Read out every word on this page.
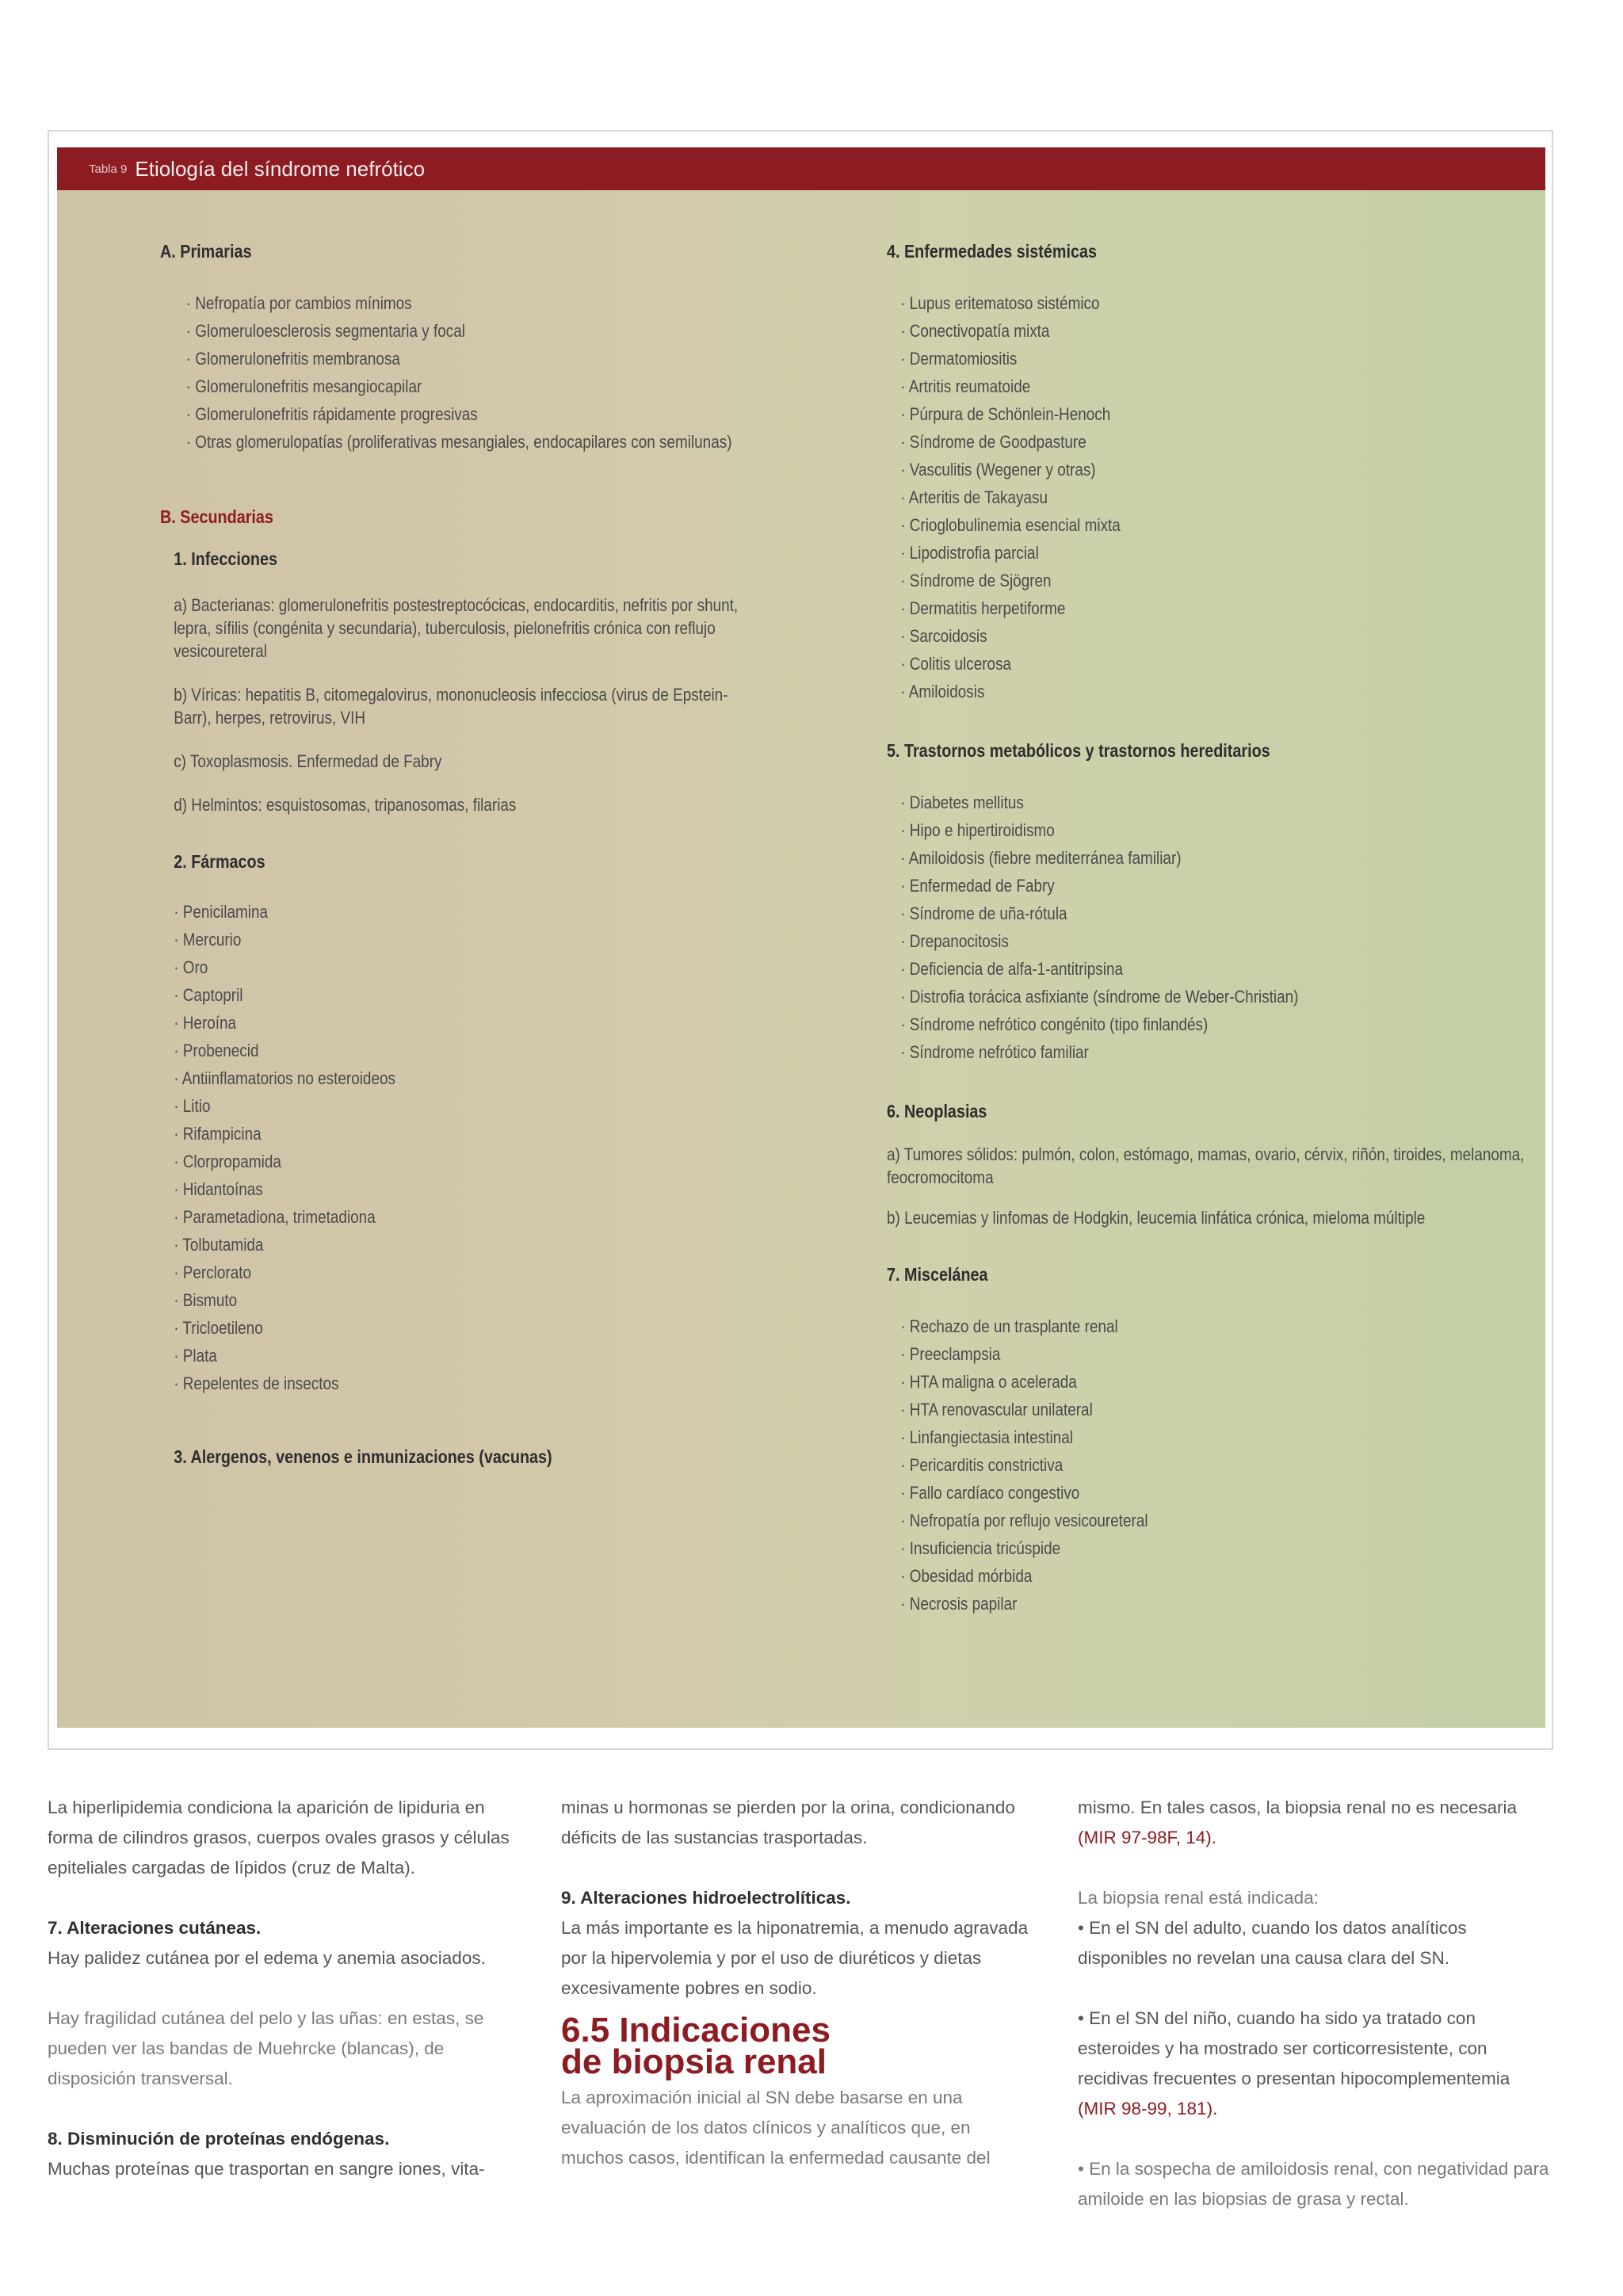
Tabla 9 Etiología del síndrome nefrótico
A. Primarias
· Nefropatía por cambios mínimos
· Glomeruloesclerosis segmentaria y focal
· Glomerulonefritis membranosa
· Glomerulonefritis mesangiocapilar
· Glomerulonefritis rápidamente progresivas
· Otras glomerulopatías (proliferativas mesangiales, endocapilares con semilunas)
B. Secundarias
1. Infecciones
a) Bacterianas: glomerulonefritis postestreptocócicas, endocarditis, nefritis por shunt, lepra, sífilis (congénita y secundaria), tuberculosis, pielonefritis crónica con reflujo vesicoureteral
b) Víricas: hepatitis B, citomegalovirus, mononucleosis infecciosa (virus de Epstein-Barr), herpes, retrovirus, VIH
c) Toxoplasmosis. Enfermedad de Fabry
d) Helmintos: esquistosomas, tripanosomas, filarias
2. Fármacos
· Penicilamina
· Mercurio
· Oro
· Captopril
· Heroína
· Probenecid
· Antiinflamatorios no esteroideos
· Litio
· Rifampicina
· Clorpropamida
· Hidantoínas
· Parametadiona, trimetadiona
· Tolbutamida
· Perclorato
· Bismuto
· Tricloetileno
· Plata
· Repelentes de insectos
3. Alergenos, venenos e inmunizaciones (vacunas)
4. Enfermedades sistémicas
· Lupus eritematoso sistémico
· Conectivopatía mixta
· Dermatomiositis
· Artritis reumatoide
· Púrpura de Schönlein-Henoch
· Síndrome de Goodpasture
· Vasculitis (Wegener y otras)
· Arteritis de Takayasu
· Crioglobulinemia esencial mixta
· Lipodistrofia parcial
· Síndrome de Sjögren
· Dermatitis herpetiforme
· Sarcoidosis
· Colitis ulcerosa
· Amiloidosis
5. Trastornos metabólicos y trastornos hereditarios
· Diabetes mellitus
· Hipo e hipertiroidismo
· Amiloidosis (fiebre mediterránea familiar)
· Enfermedad de Fabry
· Síndrome de uña-rótula
· Drepanocitosis
· Deficiencia de alfa-1-antitripsina
· Distrofia torácica asfixiante (síndrome de Weber-Christian)
· Síndrome nefrótico congénito (tipo finlandés)
· Síndrome nefrótico familiar
6. Neoplasias
a) Tumores sólidos: pulmón, colon, estómago, mamas, ovario, cérvix, riñón, tiroides, melanoma, feocromocitoma
b) Leucemias y linfomas de Hodgkin, leucemia linfática crónica, mieloma múltiple
7. Miscelánea
· Rechazo de un trasplante renal
· Preeclampsia
· HTA maligna o acelerada
· HTA renovascular unilateral
· Linfangiectasia intestinal
· Pericarditis constrictiva
· Fallo cardíaco congestivo
· Nefropatía por reflujo vesicoureteral
· Insuficiencia tricúspide
· Obesidad mórbida
· Necrosis papilar

La hiperlipidemia condiciona la aparición de lipiduria en forma de cilindros grasos, cuerpos ovales grasos y células epiteliales cargadas de lípidos (cruz de Malta).

7. Alteraciones cutáneas.

Hay palidez cutánea por el edema y anemia asociados.

Hay fragilidad cutánea del pelo y las uñas: en estas, se pueden ver las bandas de Muehrcke (blancas), de disposición transversal.

8. Disminución de proteínas endógenas.

Muchas proteínas que trasportan en sangre iones, vita-

minas u hormonas se pierden por la orina, condicionando déficits de las sustancias trasportadas.

9. Alteraciones hidroelectrolíticas.

La más importante es la hiponatremia, a menudo agravada por la hipervolemia y por el uso de diuréticos y dietas excesivamente pobres en sodio.

6.5 Indicaciones
de biopsia renal

La aproximación inicial al SN debe basarse en una evaluación de los datos clínicos y analíticos que, en muchos casos, identifican la enfermedad causante del

mismo. En tales casos, la biopsia renal no es necesaria
(MIR 97-98F, 14).

La biopsia renal está indicada:

• En el SN del adulto, cuando los datos analíticos disponibles no revelan una causa clara del SN.

• En el SN del niño, cuando ha sido ya tratado con esteroides y ha mostrado ser corticorresistente, con recidivas frecuentes o presentan hipocomplementemia (MIR 98-99, 181).

• En la sospecha de amiloidosis renal, con negatividad para amiloide en las biopsias de grasa y rectal.
